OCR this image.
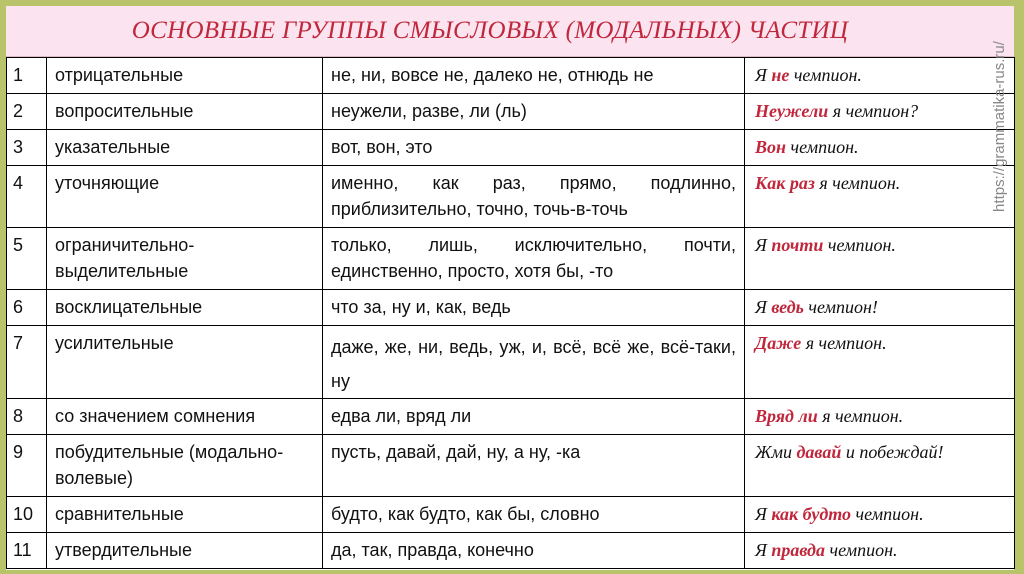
ОСНОВНЫЕ ГРУППЫ СМЫСЛОВЫХ (МОДАЛЬНЫХ) ЧАСТИЦ
1	отрицательные	не, ни, вовсе не, далеко не, отнюдь не	Я не чемпион.
2	вопросительные	неужели, разве, ли (ль)	Неужели я чемпион?
3	указательные	вот, вон, это	Вон чемпион.
4	уточняющие	именно, как раз, прямо, подлинно, приблизительно, точно, точь-в-точь	Как раз я чемпион.
5	ограничительно-выделительные	только, лишь, исключительно, почти, единственно, просто, хотя бы, -то	Я почти чемпион.
6	восклицательные	что за, ну и, как, ведь	Я ведь чемпион!
7	усилительные	даже, же, ни, ведь, уж, и, всё, всё же, всё-таки, ну	Даже я чемпион.
8	со значением сомнения	едва ли, вряд ли	Вряд ли я чемпион.
9	побудительные (модально-волевые)	пусть, давай, дай, ну, а ну, -ка	Жми давай и побеждай!
10	сравнительные	будто, как будто, как бы, словно	Я как будто чемпион.
11	утвердительные	да, так, правда, конечно	Я правда чемпион.
https://grammatika-rus.ru/
